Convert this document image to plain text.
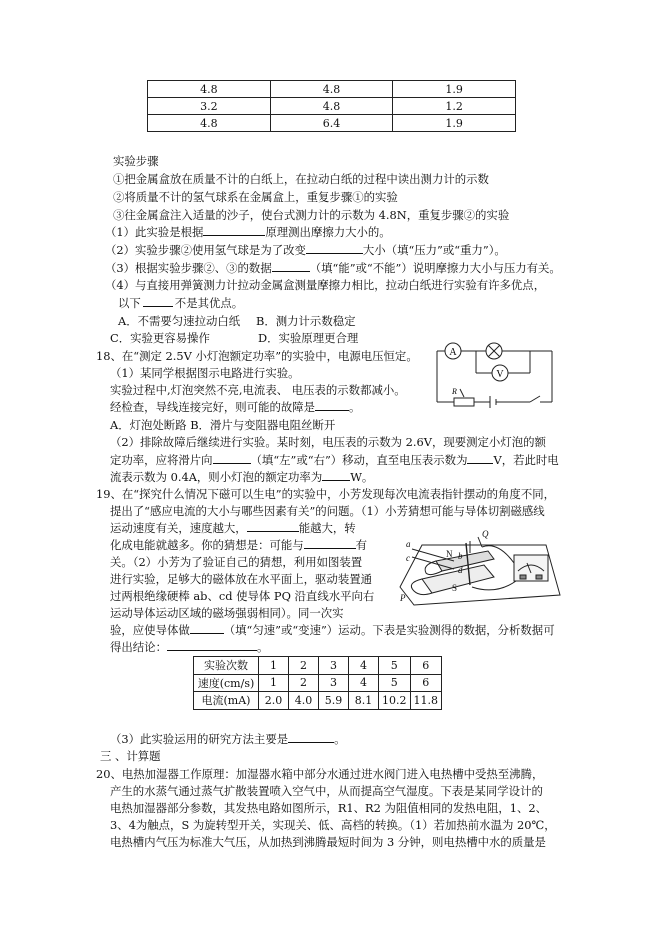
4.8	4.8	1.9
3.2	4.8	1.2
4.8	6.4	1.9
实验步骤
①把金属盒放在质量不计的白纸上，在拉动白纸的过程中读出测力计的示数
②将质量不计的氢气球系在金属盒上，重复步骤①的实验
③往金属盒注入适量的沙子，使台式测力计的示数为 4.8N，重复步骤②的实验
（1）此实验是根据	原理测出摩擦力大小的。
（2）实验步骤②使用氢气球是为了改变	大小（填“压力”或“重力”）。
（3）根据实验步骤②、③的数据	（填“能”或“不能”）说明摩擦力大小与压力有关。
（4）与直接用弹簧测力计拉动金属盒测量摩擦力相比，拉动白纸进行实验有许多优点，
以下	不是其优点。
A．不需要匀速拉动白纸 B．测力计示数稳定
C．实验更容易操作	D．实验原理更合理
18、在“测定 2.5V 小灯泡额定功率”的实验中，电源电压恒定。
（1）某同学根据图示电路进行实验。
实验过程中,灯泡突然不亮,电流表、 电压表的示数都减小。
经检查，导线连接完好，则可能的故障是	。
A．灯泡处断路 B．滑片与变阻器电阻丝断开
（2）排除故障后继续进行实验。某时刻，电压表的示数为 2.6V，现要测定小灯泡的额
定功率，应将滑片向	（填“左”或“右”）移动，直至电压表示数为 V，若此时电
流表示数为 0.4A，则小灯泡的额定功率为 W。
A
V
R
19、在“探究什么情况下磁可以生电”的实验中，小芳发现每次电流表指针摆动的角度不同，
提出了“感应电流的大小与哪些因素有关”的问题。（1）小芳猜想可能与导体切割磁感线
运动速度有关，速度越大，	能越大，转
化成电能就越多。你的猜想是：可能与	有
关。（2）小芳为了验证自己的猜想，利用如图装置
进行实验，足够大的磁体放在水平面上，驱动装置通
过两根绝缘硬棒 ab、cd 使导体 PQ 沿直线水平向右
运动导体运动区域的磁场强弱相同）。同一次实
验，应使导体做	（填“匀速”或“变速”）运动。下表是实验测得的数据，分析数据可
得出结论：	。
a
b
c
d
N
S
Q
P
实验次数	1	2	3	4	5	6
速度(cm/s)	1	2	3	4	5	6
电流(mA)	2.0	4.0	5.9	8.1	10.2	11.8
（3）此实验运用的研究方法主要是	。
三 、计算题
20、电热加湿器工作原理：加湿器水箱中部分水通过进水阀门进入电热槽中受热至沸腾，
产生的水蒸气通过蒸气扩散装置喷入空气中，从而提高空气湿度。下表是某同学设计的
电热加湿器部分参数，其发热电路如图所示，R1、R2 为阻值相同的发热电阻，1、2、
3、4为触点，S 为旋转型开关，实现关、低、高档的转换。（1）若加热前水温为 20℃，
电热槽内气压为标准大气压，从加热到沸腾最短时间为 3 分钟，则电热槽中水的质量是
